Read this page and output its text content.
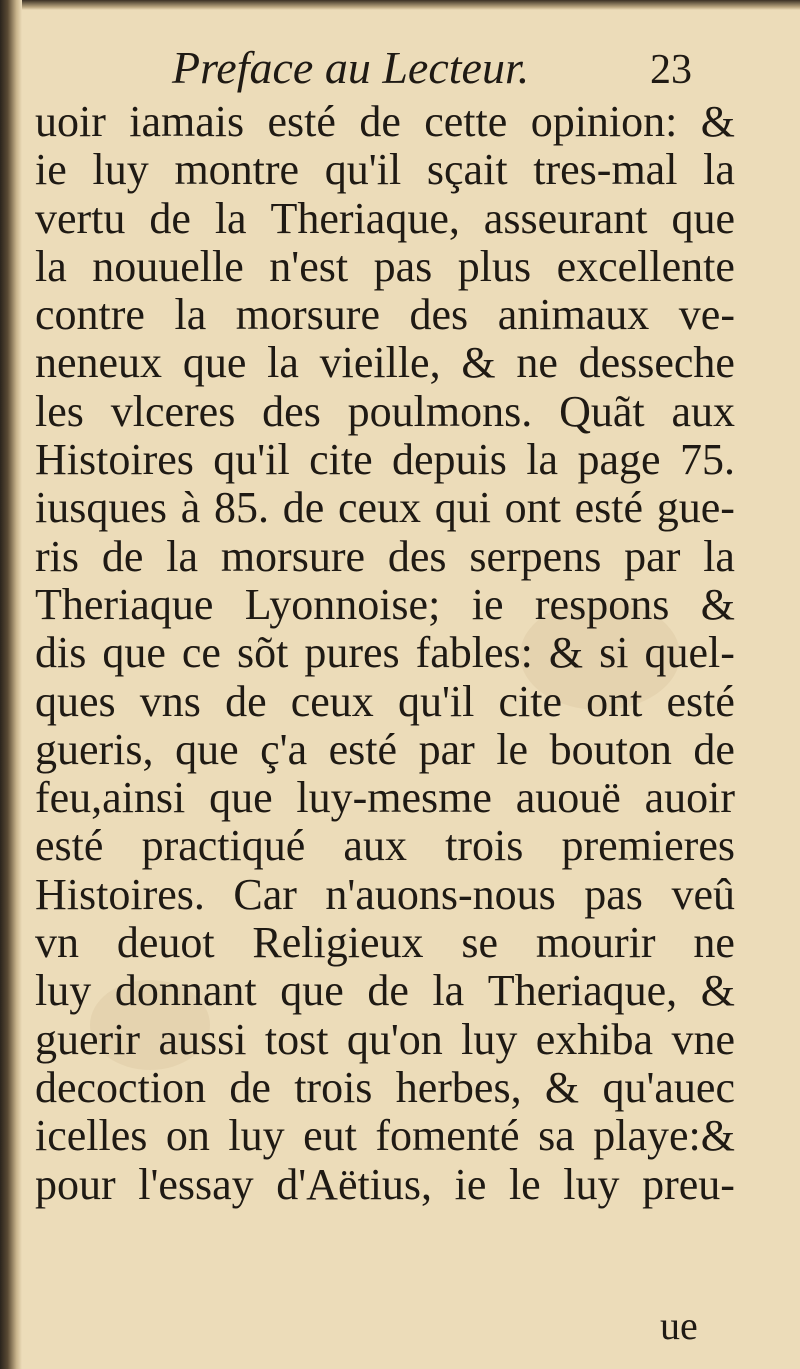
Preface au Lecteur.	23
uoir iamais esté de cette opinion: &
ie luy montre qu'il sçait tres-mal la
vertu de la Theriaque, asseurant que
la nouuelle n'est pas plus excellente
contre la morsure des animaux ve-
neneux que la vieille, & ne desseche
les vlceres des poulmons. Quãt aux
Histoires qu'il cite depuis la page 75.
iusques à 85. de ceux qui ont esté gue-
ris de la morsure des serpens par la
Theriaque Lyonnoise; ie respons &
dis que ce sõt pures fables: & si quel-
ques vns de ceux qu'il cite ont esté
gueris, que ç'a esté par le bouton de
feu,ainsi que luy-mesme auouë auoir
esté practiqué aux trois premieres
Histoires. Car n'auons-nous pas veû
vn deuot Religieux se mourir ne
luy donnant que de la Theriaque, &
guerir aussi tost qu'on luy exhiba vne
decoction de trois herbes, & qu'auec
icelles on luy eut fomenté sa playe:&
pour l'essay d'Aëtius, ie le luy preu-
ue
